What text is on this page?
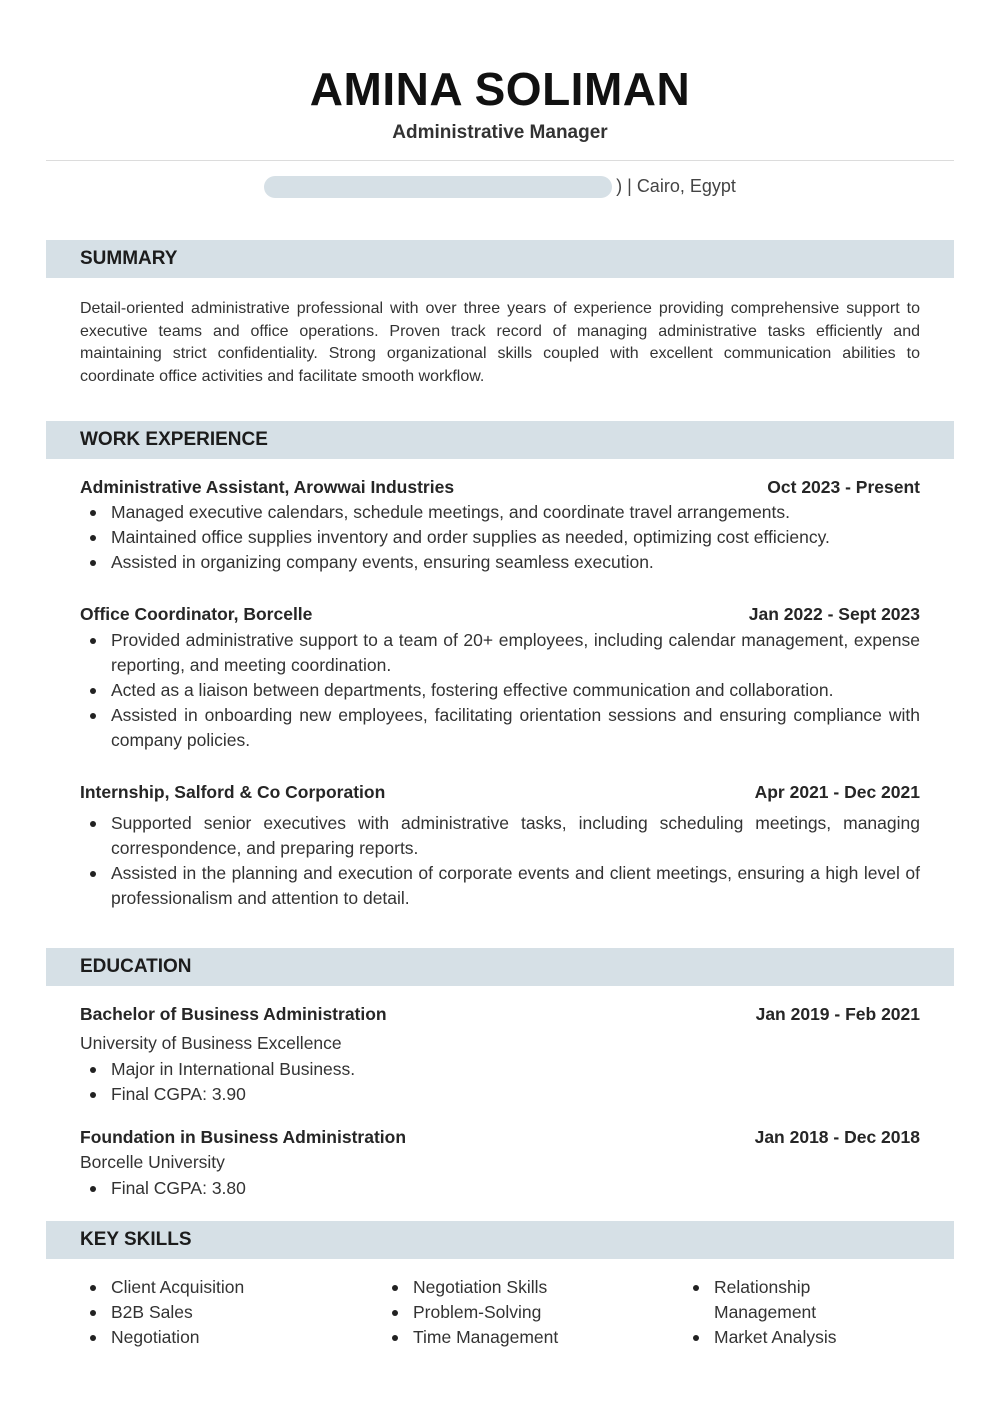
AMINA SOLIMAN
Administrative Manager
) | Cairo, Egypt
SUMMARY
Detail-oriented administrative professional with over three years of experience providing comprehensive support to executive teams and office operations. Proven track record of managing administrative tasks efficiently and maintaining strict confidentiality. Strong organizational skills coupled with excellent communication abilities to coordinate office activities and facilitate smooth workflow.
WORK EXPERIENCE
Administrative Assistant, Arowwai Industries	Oct 2023 - Present
Managed executive calendars, schedule meetings, and coordinate travel arrangements.
Maintained office supplies inventory and order supplies as needed, optimizing cost efficiency.
Assisted in organizing company events, ensuring seamless execution.
Office Coordinator, Borcelle	Jan 2022 - Sept 2023
Provided administrative support to a team of 20+ employees, including calendar management, expense reporting, and meeting coordination.
Acted as a liaison between departments, fostering effective communication and collaboration.
Assisted in onboarding new employees, facilitating orientation sessions and ensuring compliance with company policies.
Internship, Salford & Co Corporation	Apr 2021 - Dec 2021
Supported senior executives with administrative tasks, including scheduling meetings, managing correspondence, and preparing reports.
Assisted in the planning and execution of corporate events and client meetings, ensuring a high level of professionalism and attention to detail.
EDUCATION
Bachelor of Business Administration	Jan 2019 - Feb 2021
University of Business Excellence
Major in International Business.
Final CGPA: 3.90
Foundation in Business Administration	Jan 2018 - Dec 2018
Borcelle University
Final CGPA: 3.80
KEY SKILLS
Client Acquisition
B2B Sales
Negotiation
Negotiation Skills
Problem-Solving
Time Management
Relationship Management
Market Analysis
